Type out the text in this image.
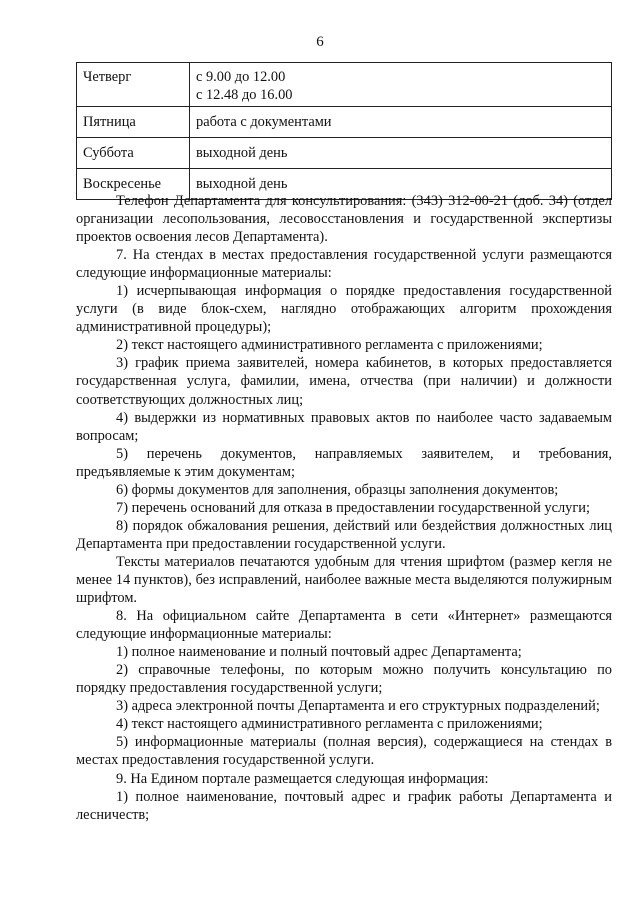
6
Четверг	с 9.00 до 12.00
с 12.48 до 16.00

Пятница	работа с документами
Суббота	выходной день
Воскресенье	выходной день

Телефон Департамента для консультирования: (343) 312-00-21 (доб. 34) (отдел организации лесопользования, лесовосстановления и государственной экспертизы проектов освоения лесов Департамента).

7. На стендах в местах предоставления государственной услуги размещаются следующие информационные материалы:

1) исчерпывающая информация о порядке предоставления государственной услуги (в виде блок-схем, наглядно отображающих алгоритм прохождения административной процедуры);

2) текст настоящего административного регламента с приложениями;

3) график приема заявителей, номера кабинетов, в которых предоставляется государственная услуга, фамилии, имена, отчества (при наличии) и должности соответствующих должностных лиц;

4) выдержки из нормативных правовых актов по наиболее часто задаваемым вопросам;

5) перечень документов, направляемых заявителем, и требования, предъявляемые к этим документам;

6) формы документов для заполнения, образцы заполнения документов;

7) перечень оснований для отказа в предоставлении государственной услуги;

8) порядок обжалования решения, действий или бездействия должностных лиц Департамента при предоставлении государственной услуги.

Тексты материалов печатаются удобным для чтения шрифтом (размер кегля не менее 14 пунктов), без исправлений, наиболее важные места выделяются полужирным шрифтом.

8. На официальном сайте Департамента в сети «Интернет» размещаются следующие информационные материалы:

1) полное наименование и полный почтовый адрес Департамента;

2) справочные телефоны, по которым можно получить консультацию по порядку предоставления государственной услуги;

3) адреса электронной почты Департамента и его структурных подразделений;

4) текст настоящего административного регламента с приложениями;

5) информационные материалы (полная версия), содержащиеся на стендах в местах предоставления государственной услуги.

9. На Едином портале размещается следующая информация:

1) полное наименование, почтовый адрес и график работы Департамента и лесничеств;
